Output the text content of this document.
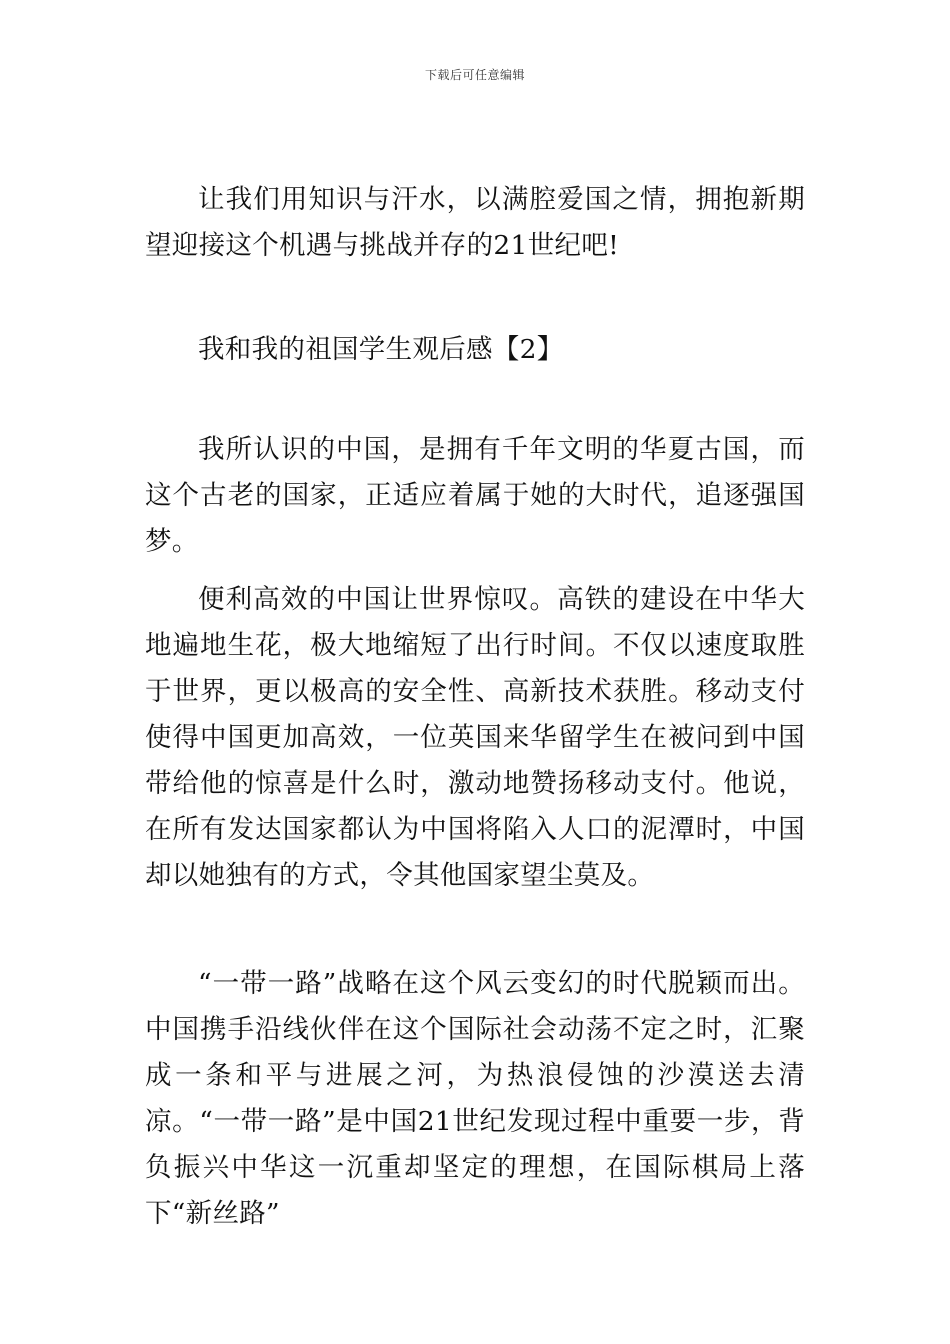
下载后可任意编辑

让我们用知识与汗水，以满腔爱国之情，拥抱新期望迎接这个机遇与挑战并存的21世纪吧!

我和我的祖国学生观后感【2】

我所认识的中国，是拥有千年文明的华夏古国，而这个古老的国家，正适应着属于她的大时代，追逐强国梦。

便利高效的中国让世界惊叹。高铁的建设在中华大地遍地生花，极大地缩短了出行时间。不仅以速度取胜于世界，更以极高的安全性、高新技术获胜。移动支付使得中国更加高效，一位英国来华留学生在被问到中国带给他的惊喜是什么时，激动地赞扬移动支付。他说，在所有发达国家都认为中国将陷入人口的泥潭时，中国却以她独有的方式，令其他国家望尘莫及。

“一带一路”战略在这个风云变幻的时代脱颖而出。中国携手沿线伙伴在这个国际社会动荡不定之时，汇聚成一条和平与进展之河，为热浪侵蚀的沙漠送去清凉。“一带一路”是中国21世纪发现过程中重要一步，背负振兴中华这一沉重却坚定的理想，在国际棋局上落下“新丝路”
